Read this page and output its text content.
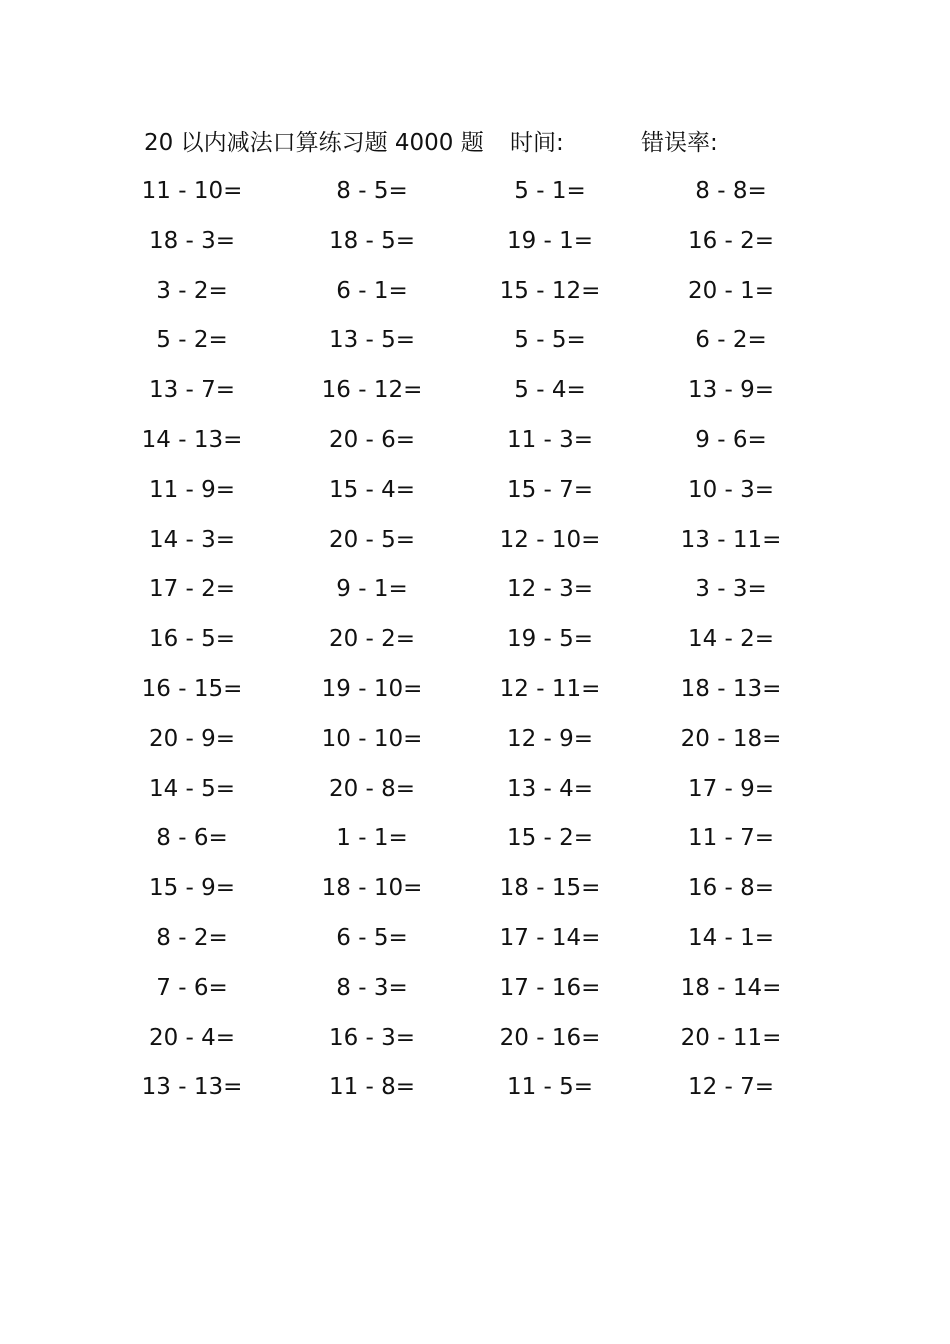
20 以内减法口算练习题 4000 题 时间:	错误率:
11 - 10=	8 - 5=	5 - 1=	8 - 8=
18 - 3=	18 - 5=	19 - 1=	16 - 2=
3 - 2=	6 - 1=	15 - 12=	20 - 1=
5 - 2=	13 - 5=	5 - 5=	6 - 2=
13 - 7=	16 - 12=	5 - 4=	13 - 9=
14 - 13=	20 - 6=	11 - 3=	9 - 6=
11 - 9=	15 - 4=	15 - 7=	10 - 3=
14 - 3=	20 - 5=	12 - 10=	13 - 11=
17 - 2=	9 - 1=	12 - 3=	3 - 3=
16 - 5=	20 - 2=	19 - 5=	14 - 2=
16 - 15=	19 - 10=	12 - 11=	18 - 13=
20 - 9=	10 - 10=	12 - 9=	20 - 18=
14 - 5=	20 - 8=	13 - 4=	17 - 9=
8 - 6=	1 - 1=	15 - 2=	11 - 7=
15 - 9=	18 - 10=	18 - 15=	16 - 8=
8 - 2=	6 - 5=	17 - 14=	14 - 1=
7 - 6=	8 - 3=	17 - 16=	18 - 14=
20 - 4=	16 - 3=	20 - 16=	20 - 11=
13 - 13=	11 - 8=	11 - 5=	12 - 7=
